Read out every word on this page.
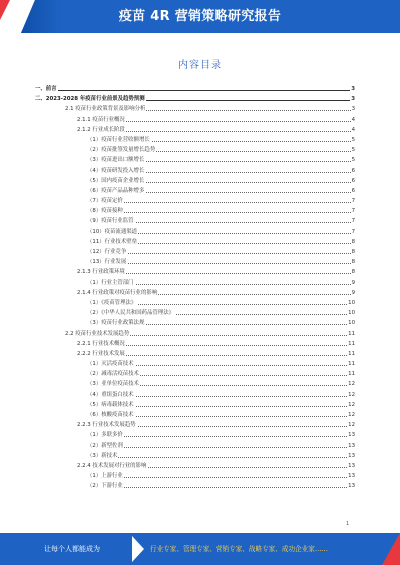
疫苗 4R 营销策略研究报告
内容目录
一、前言	3
二、2023-2028 年疫苗行业前景及趋势预测	3
2.1 疫苗行业政策背景及影响分析	3
2.1.1 疫苗行业概况	4
2.1.2 行业成长阶段	4
（1）疫苗行业营收额增长	5
（2）疫苗批签发量增长趋势	5
（3）疫苗进出口额增长	5
（4）疫苗研发投入增长	6
（5）国内疫苗企业增长	6
（6）疫苗产品品种增多	6
（7）疫苗定价	7
（8）疫苗接种	7
（9）疫苗行业监管	7
（10）疫苗流通渠道	7
（11）行业技术壁垒	8
（12）行业竞争	8
（13）行业发展	8
2.1.3 行业政策环境	8
（1）行业主管部门	9
2.1.4 行业政策对疫苗行业的影响	9
（1）《疫苗管理法》	10
（2）《中华人民共和国药品管理法》	10
（3）疫苗行业政策法规	10
2.2 疫苗行业技术发展趋势	11
2.2.1 行业技术概况	11
2.2.2 行业技术发展	11
（1）灭活疫苗技术	11
（2）减毒活疫苗技术	11
（3）亚单位疫苗技术	12
（4）重组蛋白技术	12
（5）病毒载体技术	12
（6）核酸疫苗技术	12
2.2.3 行业技术发展趋势	12
（1）多联多价	13
（2）新型佐剂	13
（3）新技术	13
2.2.4 技术发展对行业的影响	13
（1）上游行业	13
（2）下游行业	13
1
让每个人都能成为	行业专家、管理专家、营销专家、战略专家、成功企业家……
